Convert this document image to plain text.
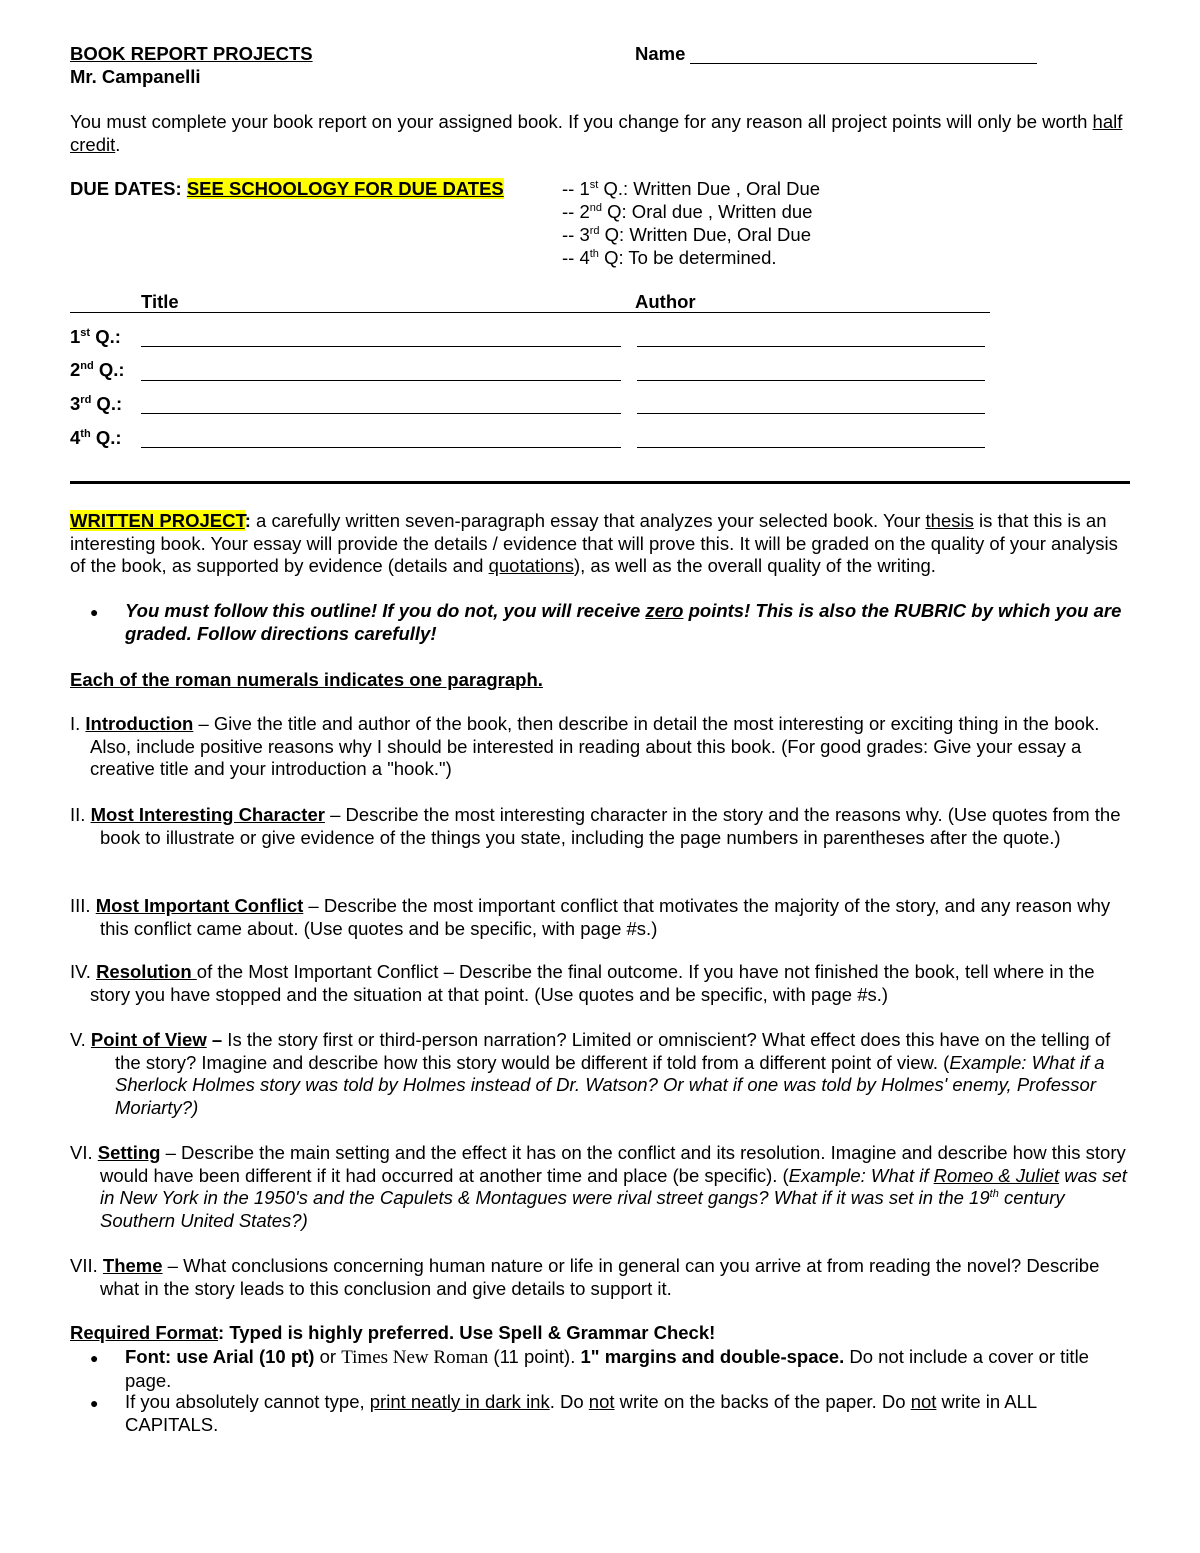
BOOK REPORT PROJECTS
Mr. Campanelli
Name
You must complete your book report on your assigned book. If you change for any reason all project points will only be worth half credit.
DUE DATES: SEE SCHOOLOGY FOR DUE DATES	-- 1st Q.: Written Due , Oral Due
-- 2nd Q: Oral due , Written due
-- 3rd Q: Written Due, Oral Due
-- 4th Q: To be determined.
Title	Author
1st Q.:
2nd Q.:
3rd Q.:
4th Q.:
WRITTEN PROJECT: a carefully written seven-paragraph essay that analyzes your selected book. Your thesis is that this is an interesting book. Your essay will provide the details / evidence that will prove this. It will be graded on the quality of your analysis of the book, as supported by evidence (details and quotations), as well as the overall quality of the writing.
● You must follow this outline! If you do not, you will receive zero points! This is also the RUBRIC by which you are graded. Follow directions carefully!
Each of the roman numerals indicates one paragraph.
I. Introduction – Give the title and author of the book, then describe in detail the most interesting or exciting thing in the book. Also, include positive reasons why I should be interested in reading about this book. (For good grades: Give your essay a creative title and your introduction a "hook.")
II. Most Interesting Character – Describe the most interesting character in the story and the reasons why. (Use quotes from the book to illustrate or give evidence of the things you state, including the page numbers in parentheses after the quote.)
III. Most Important Conflict – Describe the most important conflict that motivates the majority of the story, and any reason why this conflict came about. (Use quotes and be specific, with page #s.)
IV. Resolution of the Most Important Conflict – Describe the final outcome. If you have not finished the book, tell where in the story you have stopped and the situation at that point. (Use quotes and be specific, with page #s.)
V. Point of View – Is the story first or third-person narration? Limited or omniscient? What effect does this have on the telling of the story? Imagine and describe how this story would be different if told from a different point of view. (Example: What if a Sherlock Holmes story was told by Holmes instead of Dr. Watson? Or what if one was told by Holmes' enemy, Professor Moriarty?)
VI. Setting – Describe the main setting and the effect it has on the conflict and its resolution. Imagine and describe how this story would have been different if it had occurred at another time and place (be specific). (Example: What if Romeo & Juliet was set in New York in the 1950's and the Capulets & Montagues were rival street gangs? What if it was set in the 19th century Southern United States?)
VII. Theme – What conclusions concerning human nature or life in general can you arrive at from reading the novel? Describe what in the story leads to this conclusion and give details to support it.
Required Format: Typed is highly preferred. Use Spell & Grammar Check!
● Font: use Arial (10 pt) or Times New Roman (11 point). 1" margins and double-space. Do not include a cover or title page.
● If you absolutely cannot type, print neatly in dark ink. Do not write on the backs of the paper. Do not write in ALL CAPITALS.
